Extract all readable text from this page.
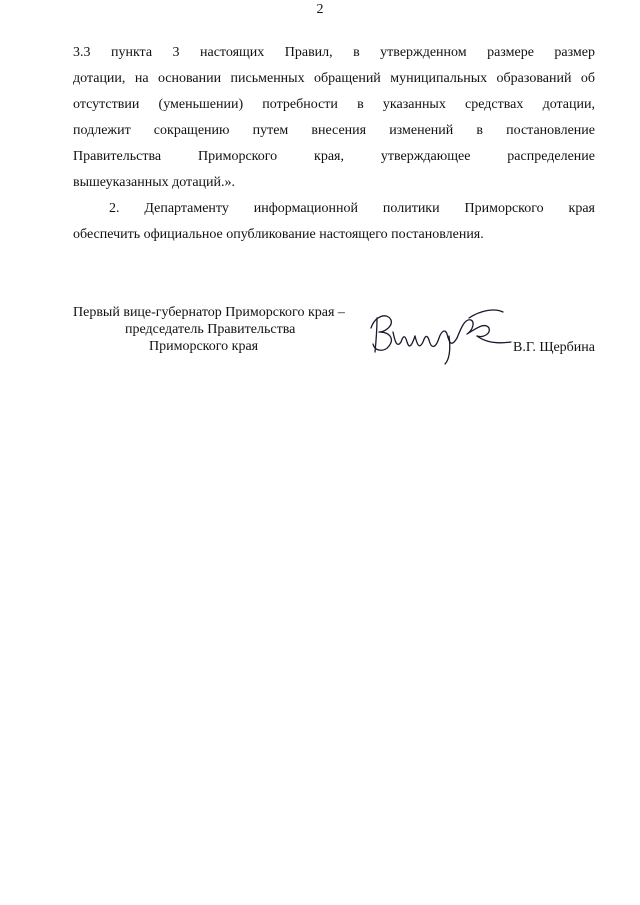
2
3.3 пункта 3 настоящих Правил, в утвержденном размере размер
дотации, на основании письменных обращений муниципальных образований об
отсутствии (уменьшении) потребности в указанных средствах дотации,
подлежит сокращению путем внесения изменений в постановление
Правительства Приморского края, утверждающее распределение
вышеуказанных дотаций.».
2. Департаменту информационной политики Приморского края
обеспечить официальное опубликование настоящего постановления.
Первый вице-губернатор Приморского края –
председатель Правительства
Приморского края	В.Г. Щербина
